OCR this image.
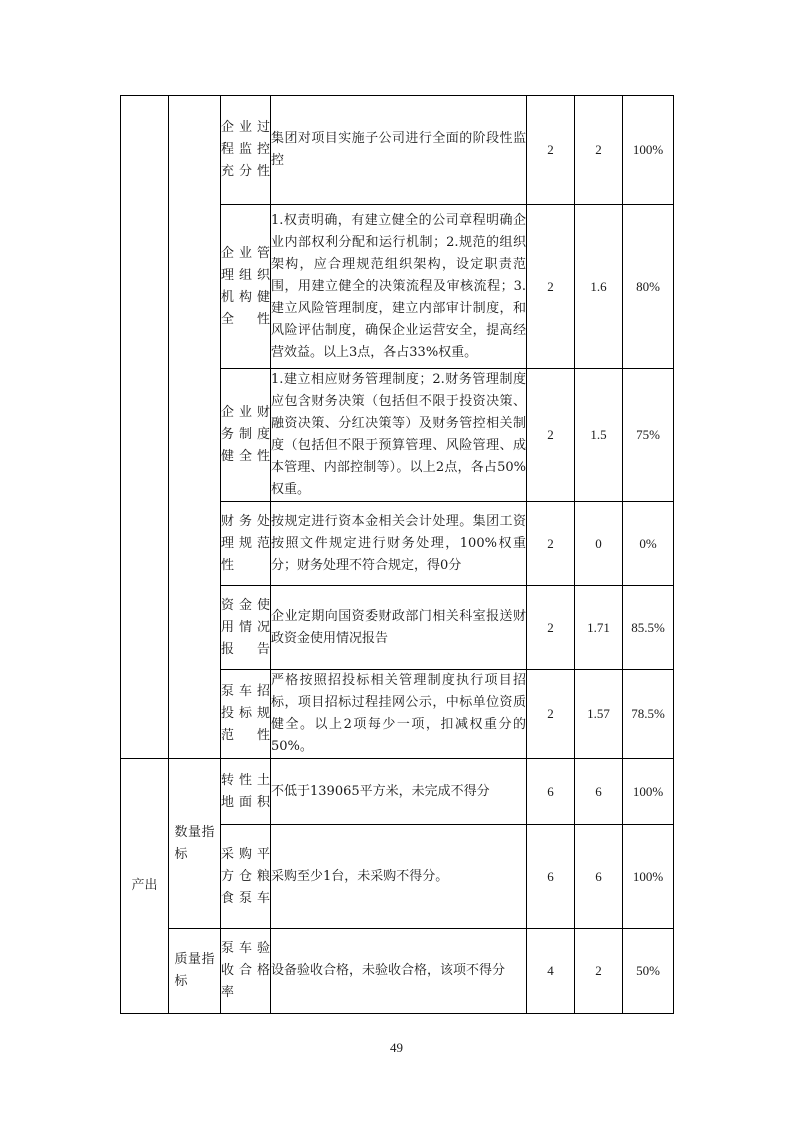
		企业过程监控充分性	集团对项目实施子公司进行全面的阶段性监控	2	2	100%

		企业管理组织机构健全性	1.权责明确，有建立健全的公司章程明确企业内部权利分配和运行机制；2.规范的组织架构，应合理规范组织架构，设定职责范围，用建立健全的决策流程及审核流程；3.建立风险管理制度，建立内部审计制度，和风险评估制度，确保企业运营安全，提高经营效益。以上3点，各占33%权重。	2	1.6	80%

		企业财务制度健全性	1.建立相应财务管理制度；2.财务管理制度应包含财务决策（包括但不限于投资决策、融资决策、分红决策等）及财务管控相关制度（包括但不限于预算管理、风险管理、成本管理、内部控制等）。以上2点，各占50%权重。	2	1.5	75%

		财务处理规范性	按规定进行资本金相关会计处理。集团工资按照文件规定进行财务处理，100%权重分；财务处理不符合规定，得0分	2	0	0%

		资金使用情况报告	企业定期向国资委财政部门相关科室报送财政资金使用情况报告	2	1.71	85.5%

		泵车招投标规范性	严格按照招投标相关管理制度执行项目招标，项目招标过程挂网公示，中标单位资质健全。以上2项每少一项，扣减权重分的50%。	2	1.57	78.5%
产出	数量指标	转性土地面积	不低于139065平方米，未完成不得分	6	6	100%

		采购平方仓粮食泵车	采购至少1台，未采购不得分。	6	6	100%
	质量指标	泵车验收合格率	设备验收合格，未验收合格，该项不得分	4	2	50%
49
